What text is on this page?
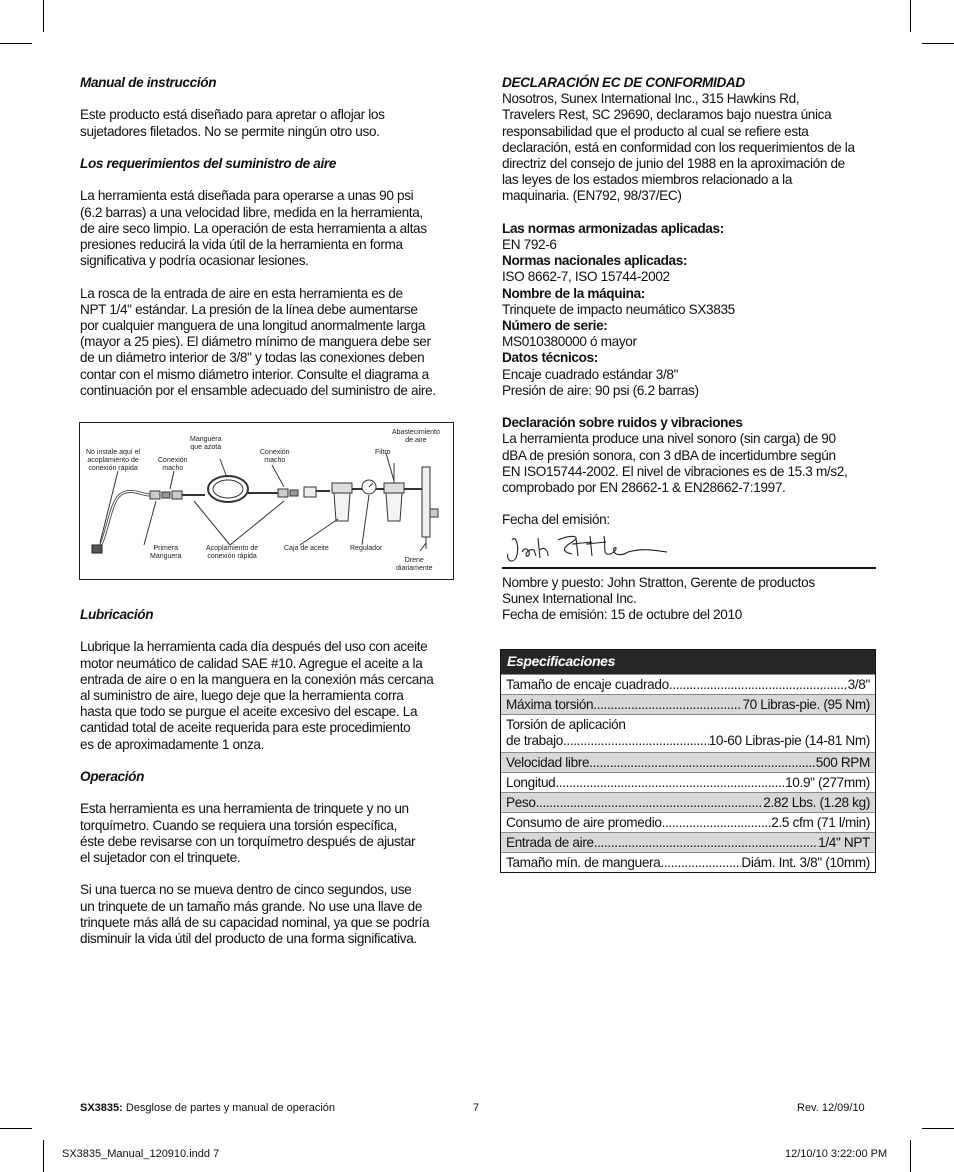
Manual de instrucción
Este producto está diseñado para apretar o aflojar los
sujetadores filetados. No se permite ningún otro uso.
Los requerimientos del suministro de aire
La herramienta está diseñada para operarse a unas 90 psi
(6.2 barras) a una velocidad libre, medida en la herramienta,
de aire seco limpio. La operación de esta herramienta a altas
presiones reducirá la vida útil de la herramienta en forma
significativa y podría ocasionar lesiones.
La rosca de la entrada de aire en esta herramienta es de
NPT 1/4" estándar. La presión de la línea debe aumentarse
por cualquier manguera de una longitud anormalmente larga
(mayor a 25 pies). El diámetro mínimo de manguera debe ser
de un diámetro interior de 3/8" y todas las conexiones deben
contar con el mismo diámetro interior. Consulte el diagrama a
continuación por el ensamble adecuado del suministro de aire.
No instale aquí el
acoplamiento de
conexión rápida
Conexión
macho
Manguera
que azota
Conexión
macho
Abastecimiento
de aire
Filtro
Primera
Manguera
Acoplamiento de
conexión rápida
Caja de aceite	Regulador
Drene
diariamente
Lubricación
Lubrique la herramienta cada día después del uso con aceite
motor neumático de calidad SAE #10. Agregue el aceite a la
entrada de aire o en la manguera en la conexión más cercana
al suministro de aire, luego deje que la herramienta corra
hasta que todo se purgue el aceite excesivo del escape. La
cantidad total de aceite requerida para este procedimiento
es de aproximadamente 1 onza.
Operación
Esta herramienta es una herramienta de trinquete y no un
torquímetro. Cuando se requiera una torsión específica,
éste debe revisarse con un torquímetro después de ajustar
el sujetador con el trinquete.
Si una tuerca no se mueva dentro de cinco segundos, use
un trinquete de un tamaño más grande. No use una llave de
trinquete más allá de su capacidad nominal, ya que se podría
disminuir la vida útil del producto de una forma significativa.
DECLARACIÓN EC DE CONFORMIDAD
Nosotros, Sunex International Inc., 315 Hawkins Rd,
Travelers Rest, SC 29690, declaramos bajo nuestra única
responsabilidad que el producto al cual se refiere esta
declaración, está en conformidad con los requerimientos de la
directriz del consejo de junio del 1988 en la aproximación de
las leyes de los estados miembros relacionado a la
maquinaria. (EN792, 98/37/EC)
Las normas armonizadas aplicadas:
EN 792-6
Normas nacionales aplicadas:
ISO 8662-7, ISO 15744-2002
Nombre de la máquina:
Trinquete de impacto neumático SX3835
Número de serie:
MS010380000 ó mayor
Datos técnicos:
Encaje cuadrado estándar 3/8"
Presión de aire: 90 psi (6.2 barras)
Declaración sobre ruidos y vibraciones
La herramienta produce una nivel sonoro (sin carga) de 90
dBA de presión sonora, con 3 dBA de incertidumbre según
EN ISO15744-2002. El nivel de vibraciones es de 15.3 m/s2,
comprobado por EN 28662-1 & EN28662-7:1997.
Fecha del emisión:
Nombre y puesto: John Stratton, Gerente de productos
Sunex International Inc.
Fecha de emisión: 15 de octubre del 2010
Especificaciones
Tamaño de encaje cuadrado .....	3/8"
Máxima torsión .....	70 Libras-pie. (95 Nm)
Torsión de aplicación
de trabajo .....	10-60 Libras-pie (14-81 Nm)
Velocidad libre .....	500 RPM
Longitud .....	10.9" (277mm)
Peso .....	2.82 Lbs. (1.28 kg)
Consumo de aire promedio. .....	2.5 cfm (71 l/min)
Entrada de aire .....	1/4" NPT
Tamaño mín. de manguera .....	Diám. Int. 3/8" (10mm)
SX3835: Desglose de partes y manual de operación	7	Rev. 12/09/10
SX3835_Manual_120910.indd 7	12/10/10 3:22:00 PM
